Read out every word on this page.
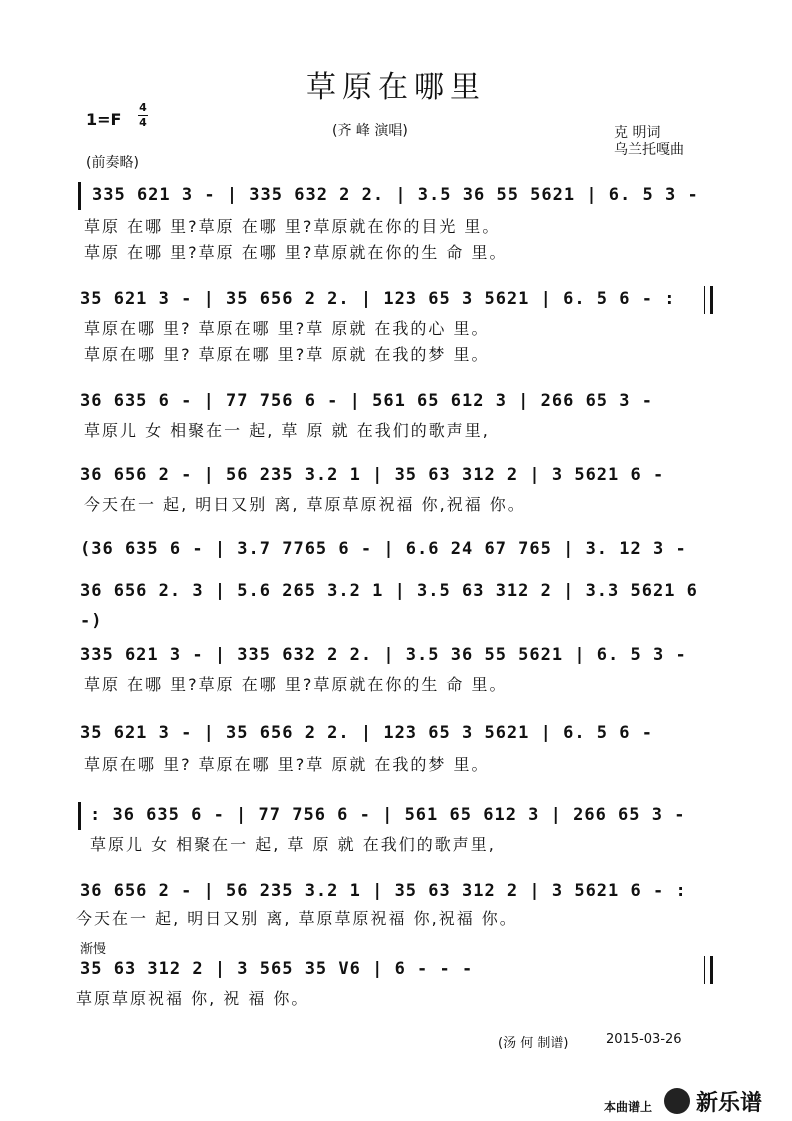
草原在哪里
1=F
4
4
(齐 峰 演唱)	克 明词
乌兰托嘎曲
(前奏略)
335 621 3 - | 335 632 2 2. | 3.5 36 55 5621 | 6. 5 3 -
草原 在哪 里?草原 在哪 里?草原就在你的目光 里。
草原 在哪 里?草原 在哪 里?草原就在你的生 命 里。
35 621 3 - | 35 656 2 2. | 123 65 3 5621 | 6. 5 6 - :
草原在哪 里? 草原在哪 里?草 原就 在我的心 里。
草原在哪 里? 草原在哪 里?草 原就 在我的梦 里。
36 635 6 - | 77 756 6 - | 561 65 612 3 | 266 65 3 -
草原儿 女 相聚在一 起, 草 原 就 在我们的歌声里,
36 656 2 - | 56 235 3.2 1 | 35 63 312 2 | 3 5621 6 -
今天在一 起, 明日又别 离, 草原草原祝福 你,祝福 你。
(36 635 6 - | 3.7 7765 6 - | 6.6 24 67 765 | 3. 12 3 -
36 656 2. 3 | 5.6 265 3.2 1 | 3.5 63 312 2 | 3.3 5621 6 -)
335 621 3 - | 335 632 2 2. | 3.5 36 55 5621 | 6. 5 3 -
草原 在哪 里?草原 在哪 里?草原就在你的生 命 里。
35 621 3 - | 35 656 2 2. | 123 65 3 5621 | 6. 5 6 -
草原在哪 里? 草原在哪 里?草 原就 在我的梦 里。
: 36 635 6 - | 77 756 6 - | 561 65 612 3 | 266 65 3 -
草原儿 女 相聚在一 起, 草 原 就 在我们的歌声里,
36 656 2 - | 56 235 3.2 1 | 35 63 312 2 | 3 5621 6 - :
今天在一 起, 明日又别 离, 草原草原祝福 你,祝福 你。
渐慢
35 63 312 2 | 3 565 35 V6 | 6 - - -
草原草原祝福 你, 祝 福 你。
(汤 何 制谱)	2015-03-26
本曲谱上 新乐谱
